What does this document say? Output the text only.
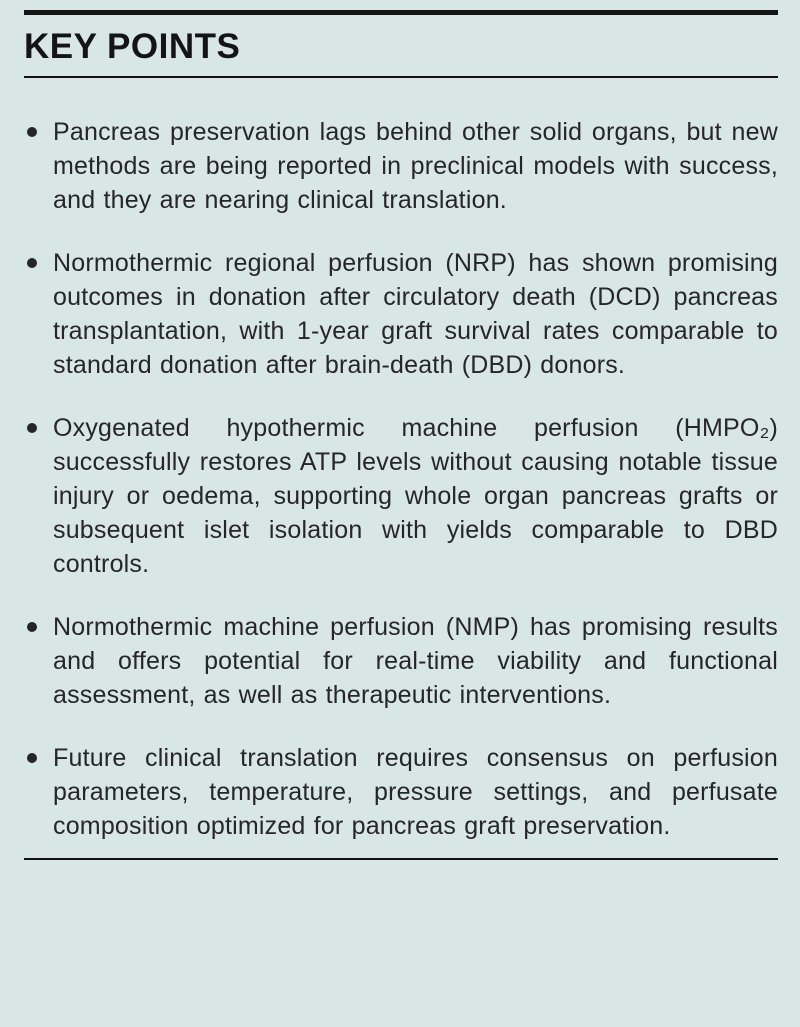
KEY POINTS
Pancreas preservation lags behind other solid organs, but new methods are being reported in preclinical models with success, and they are nearing clinical translation.
Normothermic regional perfusion (NRP) has shown promising outcomes in donation after circulatory death (DCD) pancreas transplantation, with 1-year graft survival rates comparable to standard donation after brain-death (DBD) donors.
Oxygenated hypothermic machine perfusion (HMPO₂) successfully restores ATP levels without causing notable tissue injury or oedema, supporting whole organ pancreas grafts or subsequent islet isolation with yields comparable to DBD controls.
Normothermic machine perfusion (NMP) has promising results and offers potential for real-time viability and functional assessment, as well as therapeutic interventions.
Future clinical translation requires consensus on perfusion parameters, temperature, pressure settings, and perfusate composition optimized for pancreas graft preservation.
